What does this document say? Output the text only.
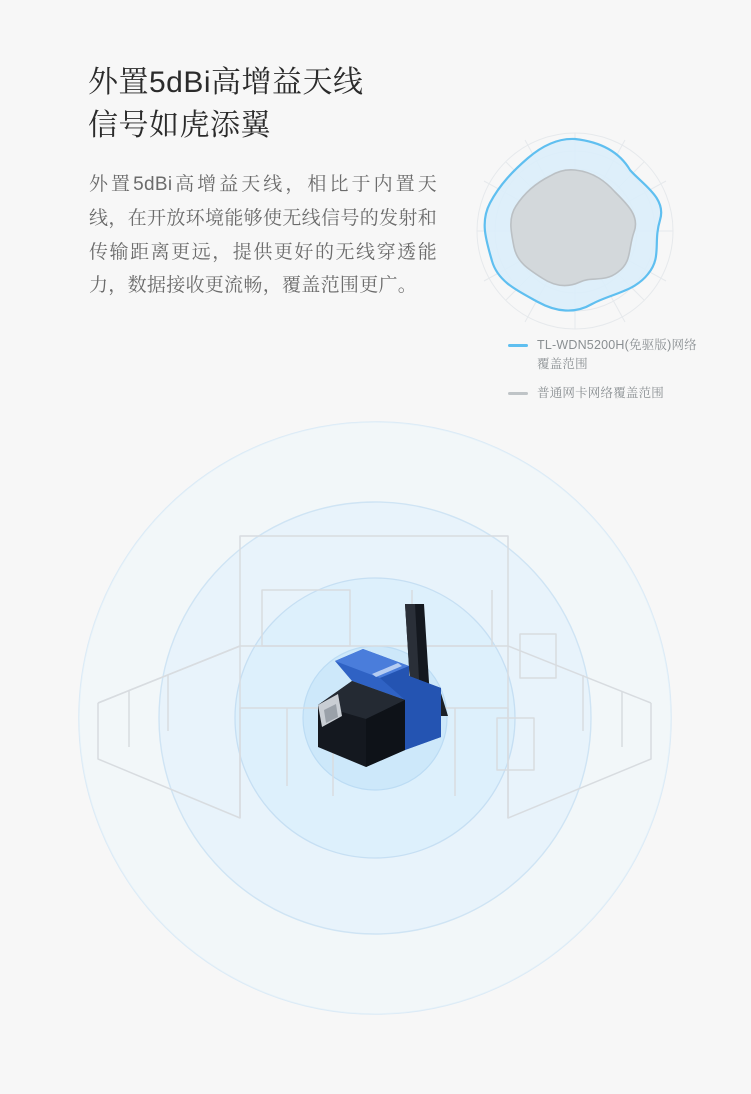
外置5dBi高增益天线
信号如虎添翼

外置5dBi高增益天线，相比于内置天线，在开放环境能够使无线信号的发射和传输距离更远，提供更好的无线穿透能力，数据接收更流畅，覆盖范围更广。

TL-WDN5200H(免驱版)网络覆盖范围
普通网卡网络覆盖范围
